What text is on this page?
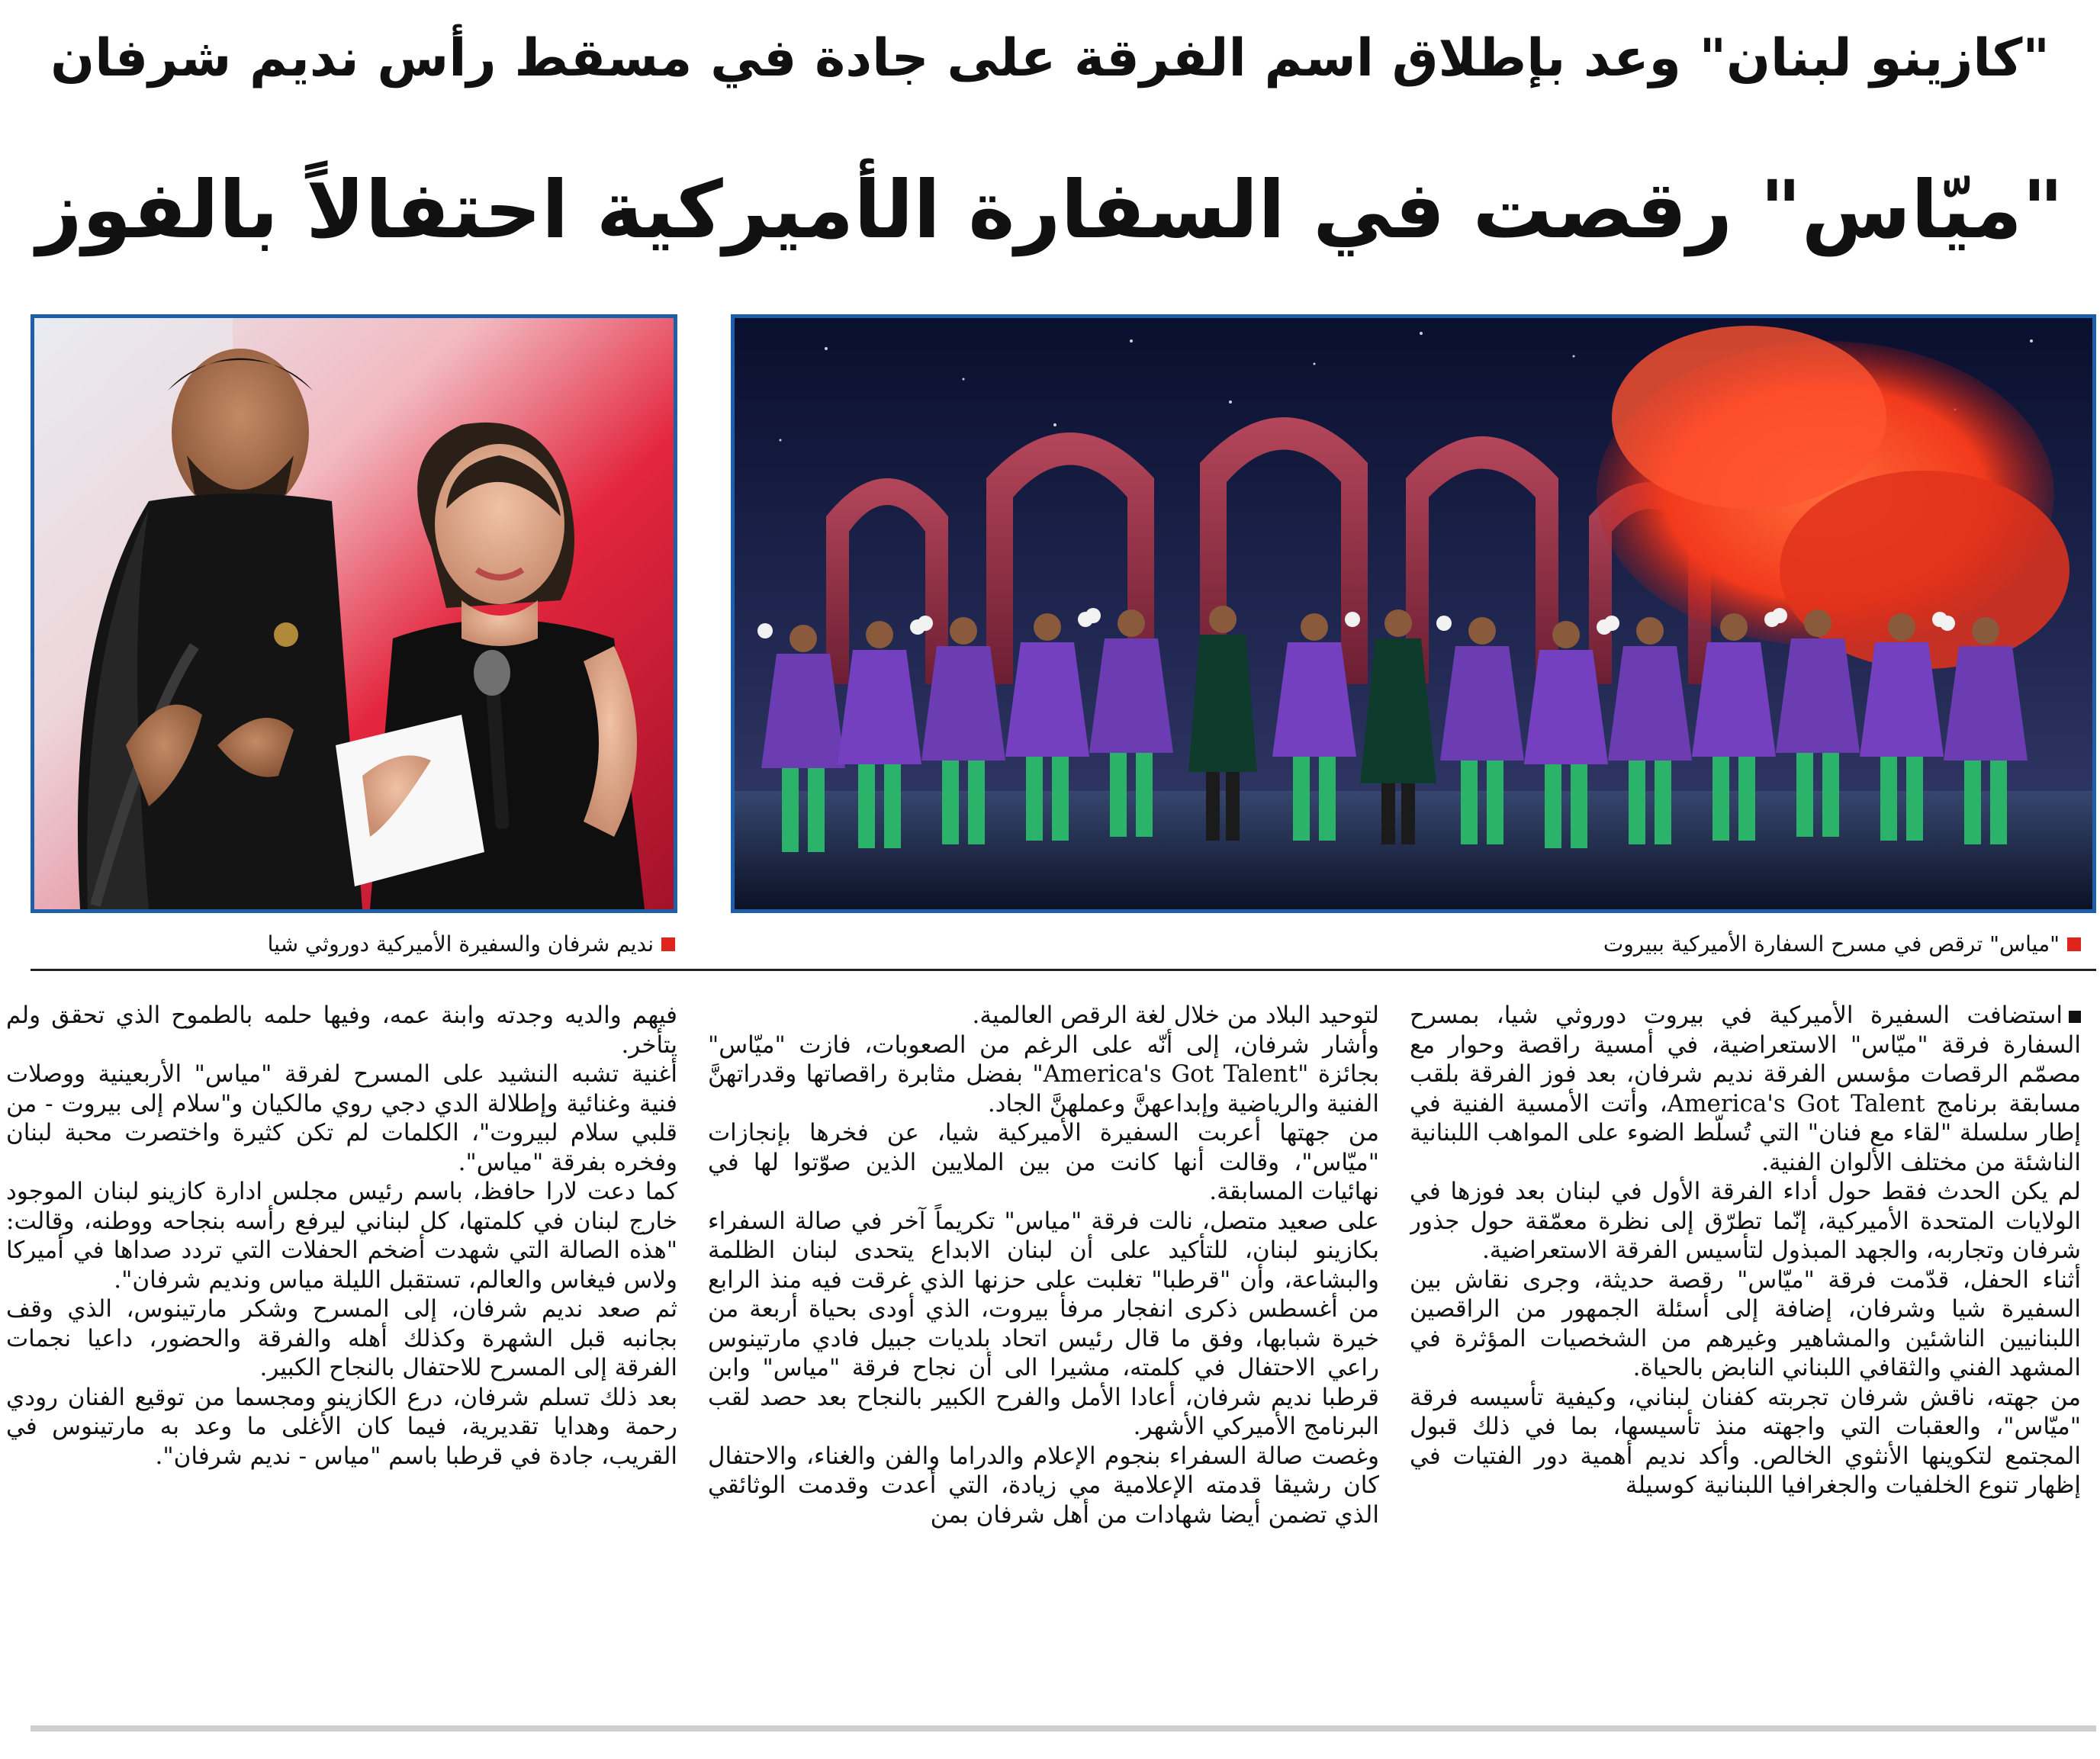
"كازينو لبنان" وعد بإطلاق اسم الفرقة على جادة في مسقط رأس نديم شرفان
"ميّاس" رقصت في السفارة الأميركية احتفالاً بالفوز
نديم شرفان والسفيرة الأميركية دوروثي شيا	"مياس" ترقص في مسرح السفارة الأميركية ببيروت

استضافت السفيرة الأميركية في بيروت دوروثي شيا، بمسرح السفارة فرقة "ميّاس" الاستعراضية، في أمسية راقصة وحوار مع مصمّم الرقصات مؤسس الفرقة نديم شرفان، بعد فوز الفرقة بلقب مسابقة برنامج America's Got Talent، وأتت الأمسية الفنية في إطار سلسلة "لقاء مع فنان" التي تُسلّط الضوء على المواهب اللبنانية الناشئة من مختلف الألوان الفنية.

لم يكن الحدث فقط حول أداء الفرقة الأول في لبنان بعد فوزها في الولايات المتحدة الأميركية، إنّما تطرّق إلى نظرة معمّقة حول جذور شرفان وتجاربه، والجهد المبذول لتأسيس الفرقة الاستعراضية.

أثناء الحفل، قدّمت فرقة "ميّاس" رقصة حديثة، وجرى نقاش بين السفيرة شيا وشرفان، إضافة إلى أسئلة الجمهور من الراقصين اللبنانيين الناشئين والمشاهير وغيرهم من الشخصيات المؤثرة في المشهد الفني والثقافي اللبناني النابض بالحياة.

من جهته، ناقش شرفان تجربته كفنان لبناني، وكيفية تأسيسه فرقة "ميّاس"، والعقبات التي واجهته منذ تأسيسها، بما في ذلك قبول المجتمع لتكوينها الأنثوي الخالص. وأكد نديم أهمية دور الفتيات في إظهار تنوع الخلفيات والجغرافيا اللبنانية كوسيلة

لتوحيد البلاد من خلال لغة الرقص العالمية.

وأشار شرفان، إلى أنّه على الرغم من الصعوبات، فازت "ميّاس" بجائزة "America's Got Talent" بفضل مثابرة راقصاتها وقدراتهنَّ الفنية والرياضية وإبداعهنَّ وعملهنَّ الجاد.

من جهتها أعربت السفيرة الأميركية شيا، عن فخرها بإنجازات "ميّاس"، وقالت أنها كانت من بين الملايين الذين صوّتوا لها في نهائيات المسابقة.

على صعيد متصل، نالت فرقة "مياس" تكريماً آخر في صالة السفراء بكازينو لبنان، للتأكيد على أن لبنان الابداع يتحدى لبنان الظلمة والبشاعة، وأن "قرطبا" تغلبت على حزنها الذي غرقت فيه منذ الرابع من أغسطس ذكرى انفجار مرفأ بيروت، الذي أودى بحياة أربعة من خيرة شبابها، وفق ما قال رئيس اتحاد بلديات جبيل فادي مارتينوس راعي الاحتفال في كلمته، مشيرا الى أن نجاح فرقة "مياس" وابن قرطبا نديم شرفان، أعادا الأمل والفرح الكبير بالنجاح بعد حصد لقب البرنامج الأميركي الأشهر.

وغصت صالة السفراء بنجوم الإعلام والدراما والفن والغناء، والاحتفال كان رشيقا قدمته الإعلامية مي زيادة، التي أعدت وقدمت الوثائقي الذي تضمن أيضا شهادات من أهل شرفان بمن

فيهم والديه وجدته وابنة عمه، وفيها حلمه بالطموح الذي تحقق ولم يتأخر.

أغنية تشبه النشيد على المسرح لفرقة "مياس" الأربعينية ووصلات فنية وغنائية وإطلالة الدي دجي روي مالكيان و"سلام إلى بيروت - من قلبي سلام لبيروت"، الكلمات لم تكن كثيرة واختصرت محبة لبنان وفخره بفرقة "مياس".

كما دعت لارا حافظ، باسم رئيس مجلس ادارة كازينو لبنان الموجود خارج لبنان في كلمتها، كل لبناني ليرفع رأسه بنجاحه ووطنه، وقالت: "هذه الصالة التي شهدت أضخم الحفلات التي تردد صداها في أميركا ولاس فيغاس والعالم، تستقبل الليلة مياس ونديم شرفان".

ثم صعد نديم شرفان، إلى المسرح وشكر مارتينوس، الذي وقف بجانبه قبل الشهرة وكذلك أهله والفرقة والحضور، داعيا نجمات الفرقة إلى المسرح للاحتفال بالنجاح الكبير.

بعد ذلك تسلم شرفان، درع الكازينو ومجسما من توقيع الفنان رودي رحمة وهدايا تقديرية، فيما كان الأغلى ما وعد به مارتينوس في القريب، جادة في قرطبا باسم "مياس - نديم شرفان".
